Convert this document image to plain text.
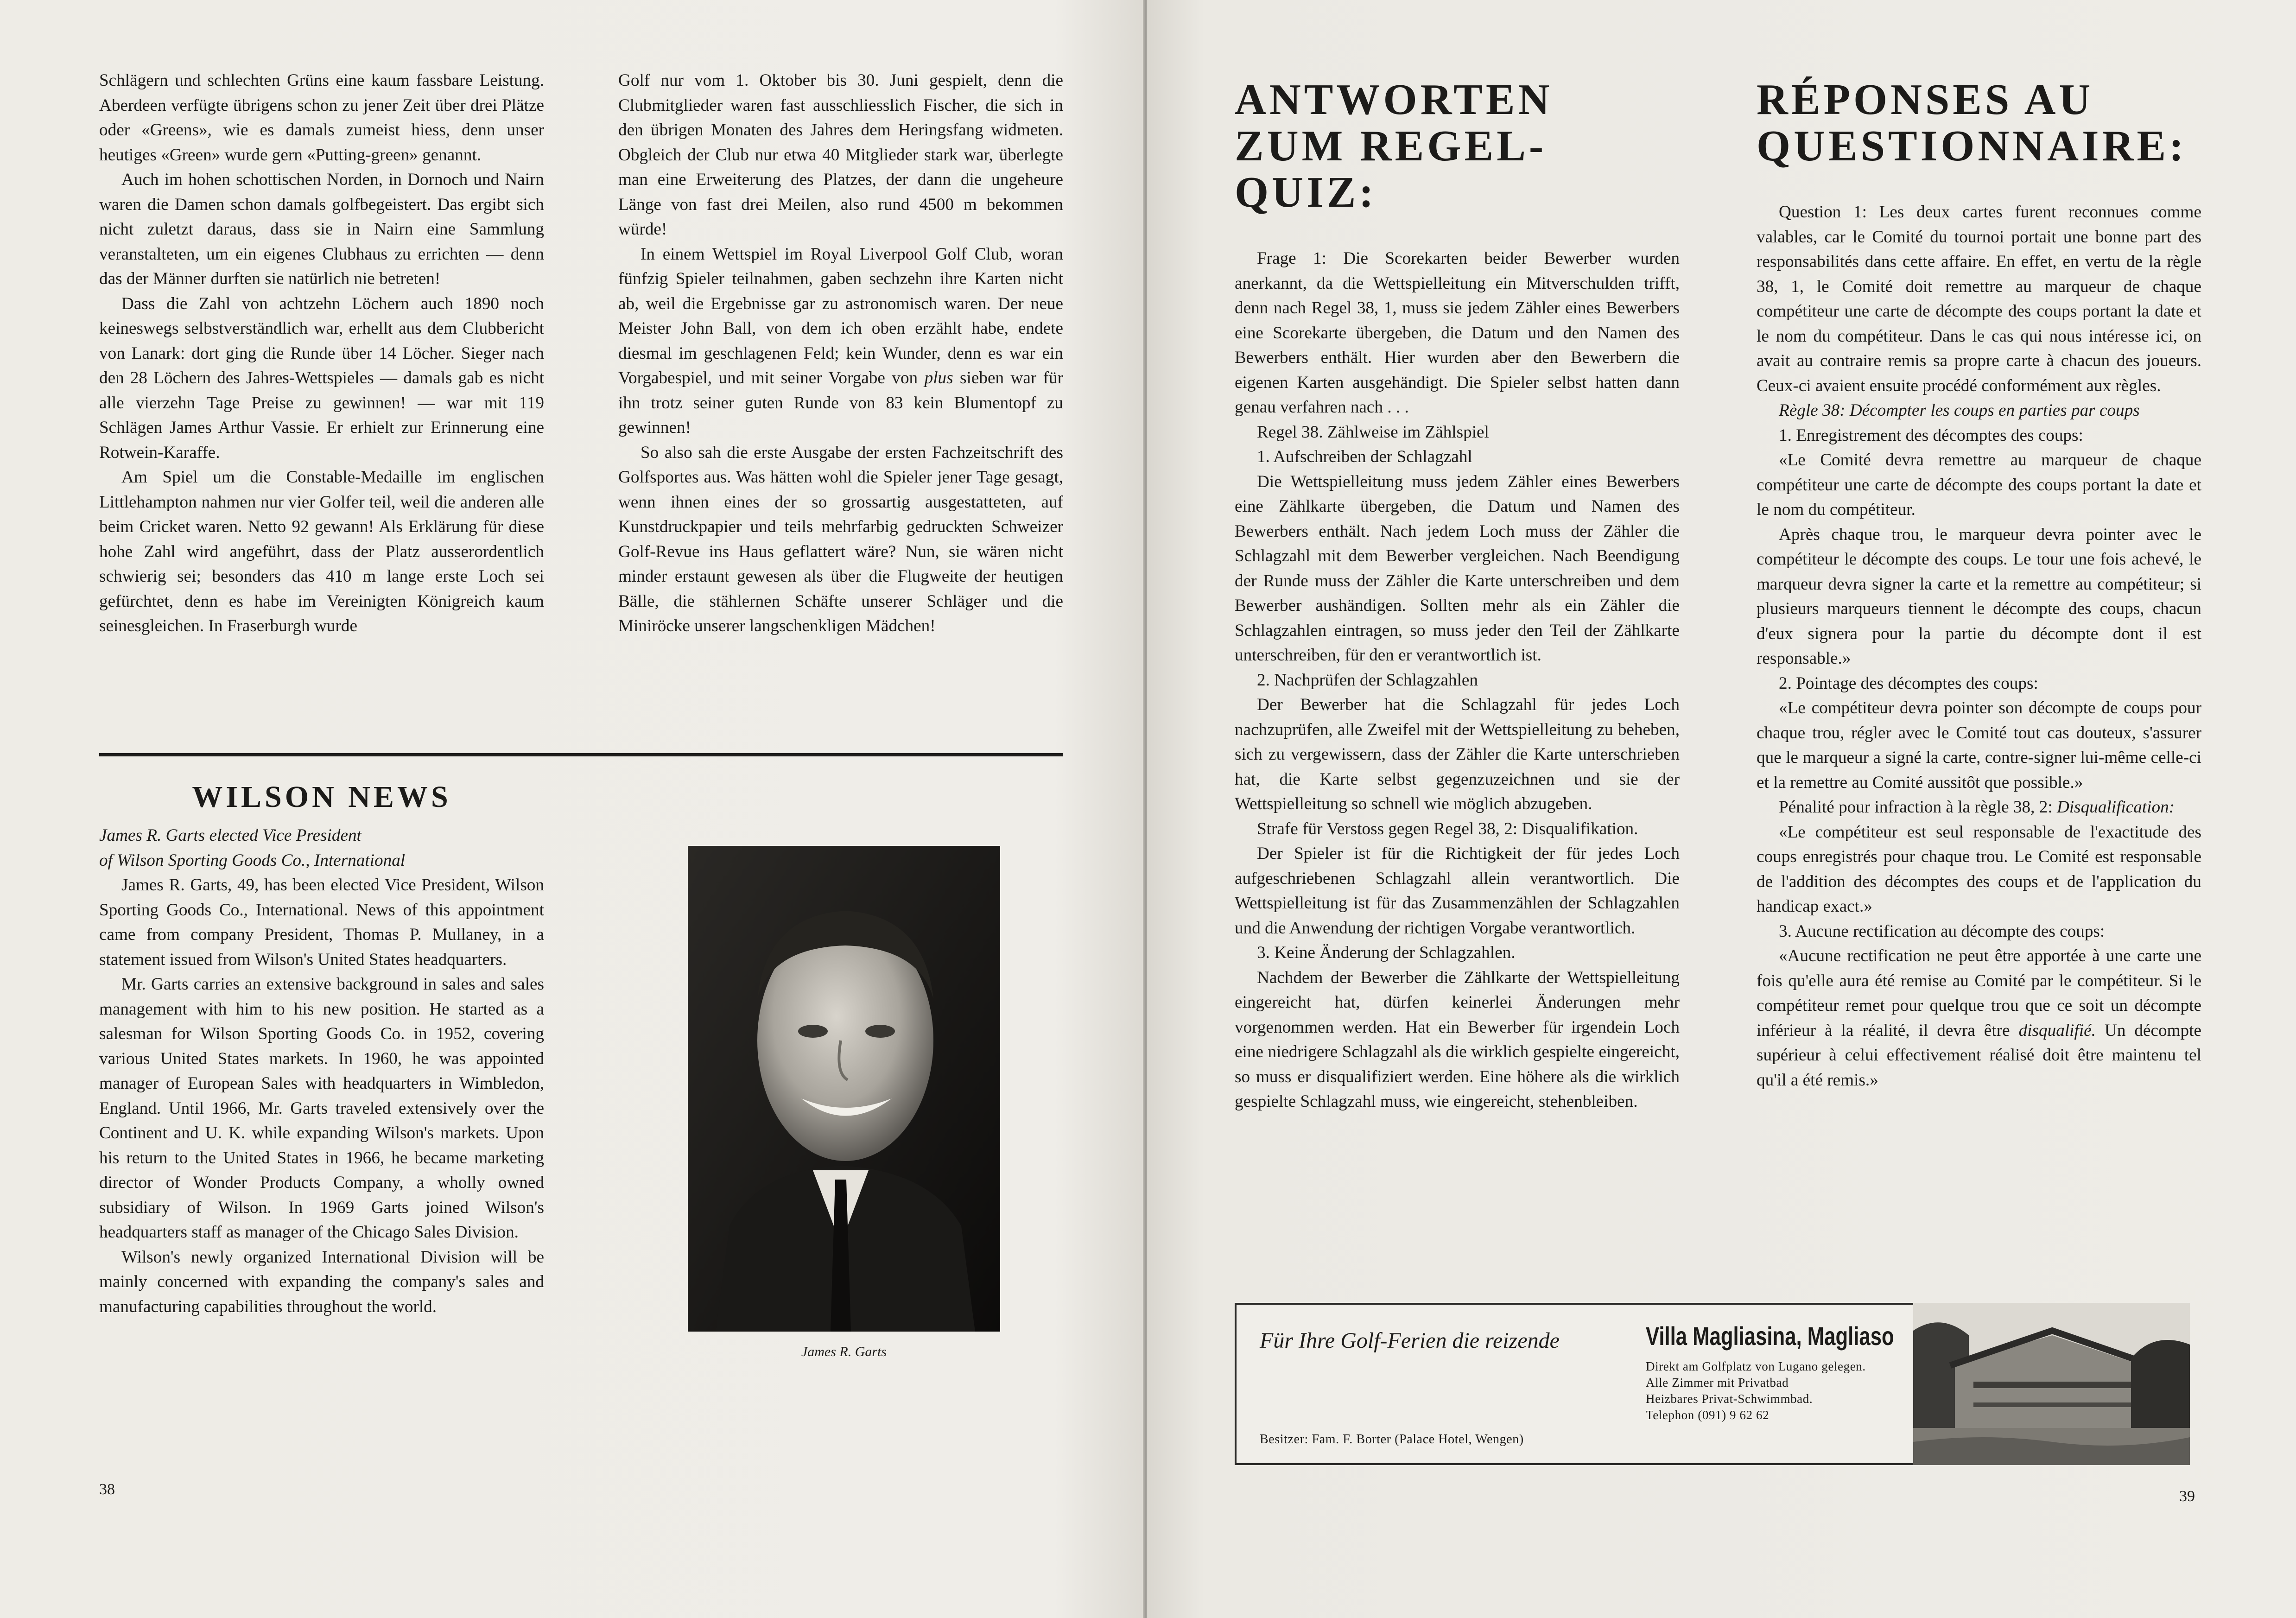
Schlägern und schlechten Grüns eine kaum fassbare Leistung. Aberdeen verfügte übrigens schon zu jener Zeit über drei Plätze oder «Greens», wie es damals zumeist hiess, denn unser heutiges «Green» wurde gern «Putting-green» genannt.

Auch im hohen schottischen Norden, in Dornoch und Nairn waren die Damen schon damals golfbegeistert. Das ergibt sich nicht zuletzt daraus, dass sie in Nairn eine Sammlung veranstalteten, um ein eigenes Clubhaus zu errichten — denn das der Männer durften sie natürlich nie betreten!

Dass die Zahl von achtzehn Löchern auch 1890 noch keineswegs selbstverständlich war, erhellt aus dem Clubbericht von Lanark: dort ging die Runde über 14 Löcher. Sieger nach den 28 Löchern des Jahres-Wettspieles — damals gab es nicht alle vierzehn Tage Preise zu gewinnen! — war mit 119 Schlägen James Arthur Vassie. Er erhielt zur Erinnerung eine Rotwein-Karaffe.

Am Spiel um die Constable-Medaille im englischen Littlehampton nahmen nur vier Golfer teil, weil die anderen alle beim Cricket waren. Netto 92 gewann! Als Erklärung für diese hohe Zahl wird angeführt, dass der Platz ausserordentlich schwierig sei; besonders das 410 m lange erste Loch sei gefürchtet, denn es habe im Vereinigten Königreich kaum seinesgleichen. In Fraserburgh wurde

Golf nur vom 1. Oktober bis 30. Juni gespielt, denn die Clubmitglieder waren fast ausschliesslich Fischer, die sich in den übrigen Monaten des Jahres dem Heringsfang widmeten. Obgleich der Club nur etwa 40 Mitglieder stark war, überlegte man eine Erweiterung des Platzes, der dann die ungeheure Länge von fast drei Meilen, also rund 4500 m bekommen würde!

In einem Wettspiel im Royal Liverpool Golf Club, woran fünfzig Spieler teilnahmen, gaben sechzehn ihre Karten nicht ab, weil die Ergebnisse gar zu astronomisch waren. Der neue Meister John Ball, von dem ich oben erzählt habe, endete diesmal im geschlagenen Feld; kein Wunder, denn es war ein Vorgabespiel, und mit seiner Vorgabe von plus sieben war für ihn trotz seiner guten Runde von 83 kein Blumentopf zu gewinnen!

So also sah die erste Ausgabe der ersten Fachzeitschrift des Golfsportes aus. Was hätten wohl die Spieler jener Tage gesagt, wenn ihnen eines der so grossartig ausgestatteten, auf Kunstdruckpapier und teils mehrfarbig gedruckten Schweizer Golf-Revue ins Haus geflattert wäre? Nun, sie wären nicht minder erstaunt gewesen als über die Flugweite der heutigen Bälle, die stählernen Schäfte unserer Schläger und die Miniröcke unserer langschenkligen Mädchen!

WILSON NEWS

James R. Garts elected Vice President

of Wilson Sporting Goods Co., International

James R. Garts, 49, has been elected Vice President, Wilson Sporting Goods Co., International. News of this appointment came from company President, Thomas P. Mullaney, in a statement issued from Wilson's United States headquarters.

Mr. Garts carries an extensive background in sales and sales management with him to his new position. He started as a salesman for Wilson Sporting Goods Co. in 1952, covering various United States markets. In 1960, he was appointed manager of European Sales with headquarters in Wimbledon, England. Until 1966, Mr. Garts traveled extensively over the Continent and U. K. while expanding Wilson's markets. Upon his return to the United States in 1966, he became marketing director of Wonder Products Company, a wholly owned subsidiary of Wilson. In 1969 Garts joined Wilson's headquarters staff as manager of the Chicago Sales Division.

Wilson's newly organized International Division will be mainly concerned with expanding the company's sales and manufacturing capabilities throughout the world.

James R. Garts
38
ANTWORTEN
ZUM REGEL-QUIZ:

Frage 1: Die Scorekarten beider Bewerber wurden anerkannt, da die Wettspielleitung ein Mitverschulden trifft, denn nach Regel 38, 1, muss sie jedem Zähler eines Bewerbers eine Scorekarte übergeben, die Datum und den Namen des Bewerbers enthält. Hier wurden aber den Bewerbern die eigenen Karten ausgehändigt. Die Spieler selbst hatten dann genau verfahren nach . . .

Regel 38. Zählweise im Zählspiel

1. Aufschreiben der Schlagzahl

Die Wettspielleitung muss jedem Zähler eines Bewerbers eine Zählkarte übergeben, die Datum und Namen des Bewerbers enthält. Nach jedem Loch muss der Zähler die Schlagzahl mit dem Bewerber vergleichen. Nach Beendigung der Runde muss der Zähler die Karte unterschreiben und dem Bewerber aushändigen. Sollten mehr als ein Zähler die Schlagzahlen eintragen, so muss jeder den Teil der Zählkarte unterschreiben, für den er verantwortlich ist.

2. Nachprüfen der Schlagzahlen

Der Bewerber hat die Schlagzahl für jedes Loch nachzuprüfen, alle Zweifel mit der Wettspielleitung zu beheben, sich zu vergewissern, dass der Zähler die Karte unterschrieben hat, die Karte selbst gegenzuzeichnen und sie der Wettspielleitung so schnell wie möglich abzugeben.

Strafe für Verstoss gegen Regel 38, 2: Disqualifikation.

Der Spieler ist für die Richtigkeit der für jedes Loch aufgeschriebenen Schlagzahl allein verantwortlich. Die Wettspielleitung ist für das Zusammenzählen der Schlagzahlen und die Anwendung der richtigen Vorgabe verantwortlich.

3. Keine Änderung der Schlagzahlen.

Nachdem der Bewerber die Zählkarte der Wettspielleitung eingereicht hat, dürfen keinerlei Änderungen mehr vorgenommen werden. Hat ein Bewerber für irgendein Loch eine niedrigere Schlagzahl als die wirklich gespielte eingereicht, so muss er disqualifiziert werden. Eine höhere als die wirklich gespielte Schlagzahl muss, wie eingereicht, stehenbleiben.

RÉPONSES AU
QUESTIONNAIRE:

Question 1: Les deux cartes furent reconnues comme valables, car le Comité du tournoi portait une bonne part des responsabilités dans cette affaire. En effet, en vertu de la règle 38, 1, le Comité doit remettre au marqueur de chaque compétiteur une carte de décompte des coups portant la date et le nom du compétiteur. Dans le cas qui nous intéresse ici, on avait au contraire remis sa propre carte à chacun des joueurs. Ceux-ci avaient ensuite procédé conformément aux règles.

Règle 38: Décompter les coups en parties par coups

1. Enregistrement des décomptes des coups:

«Le Comité devra remettre au marqueur de chaque compétiteur une carte de décompte des coups portant la date et le nom du compétiteur.

Après chaque trou, le marqueur devra pointer avec le compétiteur le décompte des coups. Le tour une fois achevé, le marqueur devra signer la carte et la remettre au compétiteur; si plusieurs marqueurs tiennent le décompte des coups, chacun d'eux signera pour la partie du décompte dont il est responsable.»

2. Pointage des décomptes des coups:

«Le compétiteur devra pointer son décompte de coups pour chaque trou, régler avec le Comité tout cas douteux, s'assurer que le marqueur a signé la carte, contre-signer lui-même celle-ci et la remettre au Comité aussitôt que possible.»

Pénalité pour infraction à la règle 38, 2: Disqualification:

«Le compétiteur est seul responsable de l'exactitude des coups enregistrés pour chaque trou. Le Comité est responsable de l'addition des décomptes des coups et de l'application du handicap exact.»

3. Aucune rectification au décompte des coups:

«Aucune rectification ne peut être apportée à une carte une fois qu'elle aura été remise au Comité par le compétiteur. Si le compétiteur remet pour quelque trou que ce soit un décompte inférieur à la réalité, il devra être disqualifié. Un décompte supérieur à celui effectivement réalisé doit être maintenu tel qu'il a été remis.»

Für Ihre Golf-Ferien die reizende
Besitzer: Fam. F. Borter (Palace Hotel, Wengen)
Villa Magliasina, Magliaso
Direkt am Golfplatz von Lugano gelegen. Alle Zimmer mit Privatbad
Heizbares Privat-Schwimmbad.
Telephon (091) 9 62 62
39
